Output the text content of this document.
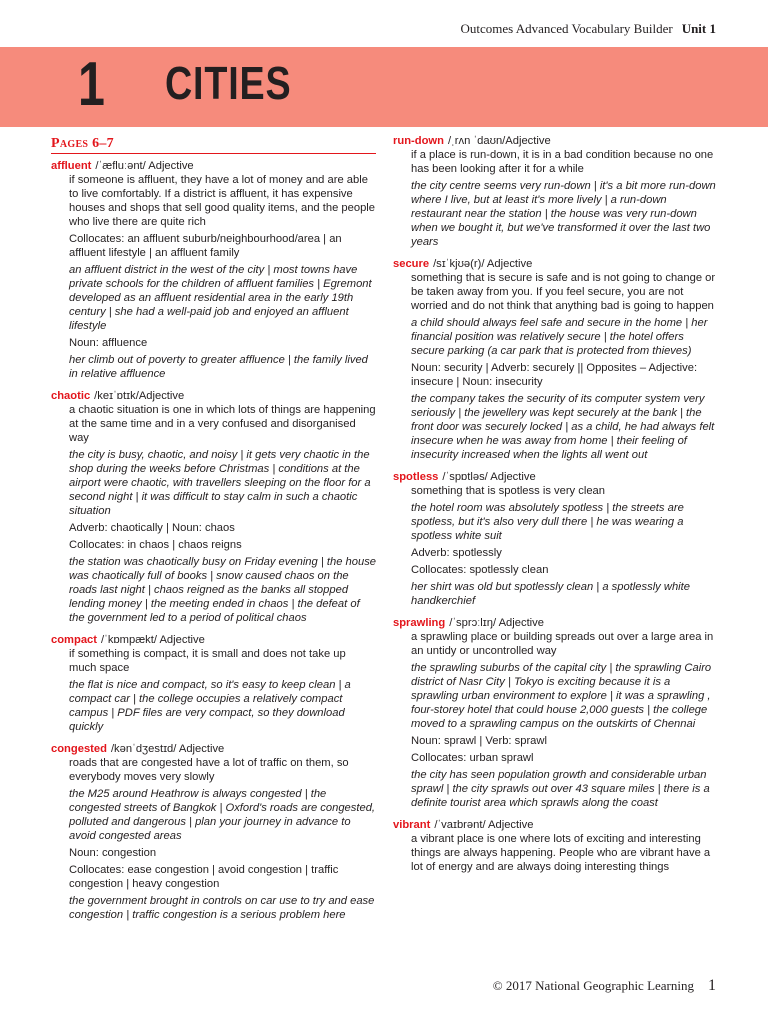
Outcomes Advanced Vocabulary Builder Unit 1
1 CITIES
Pages 6–7
affluent /ˈæfluːənt/ Adjective

if someone is affluent, they have a lot of money and are able to live comfortably. If a district is affluent, it has expensive houses and shops that sell good quality items, and the people who live there are quite rich

Collocates: an affluent suburb/neighbourhood/area | an affluent lifestyle | an affluent family

an affluent district in the west of the city | most towns have private schools for the children of affluent families | Egremont developed as an affluent residential area in the early 19th century | she had a well-paid job and enjoyed an affluent lifestyle

Noun: affluence

her climb out of poverty to greater affluence | the family lived in relative affluence

chaotic /keɪˈɒtɪk/Adjective

a chaotic situation is one in which lots of things are happening at the same time and in a very confused and disorganised way

the city is busy, chaotic, and noisy | it gets very chaotic in the shop during the weeks before Christmas | conditions at the airport were chaotic, with travellers sleeping on the floor for a second night | it was difficult to stay calm in such a chaotic situation

Adverb: chaotically | Noun: chaos

Collocates: in chaos | chaos reigns

the station was chaotically busy on Friday evening | the house was chaotically full of books | snow caused chaos on the roads last night | chaos reigned as the banks all stopped lending money | the meeting ended in chaos | the defeat of the government led to a period of political chaos

compact /ˈkɒmpækt/ Adjective

if something is compact, it is small and does not take up much space

the flat is nice and compact, so it's easy to keep clean | a compact car | the college occupies a relatively compact campus | PDF files are very compact, so they download quickly

congested /kənˈdʒestɪd/ Adjective

roads that are congested have a lot of traffic on them, so everybody moves very slowly

the M25 around Heathrow is always congested | the congested streets of Bangkok | Oxford's roads are congested, polluted and dangerous | plan your journey in advance to avoid congested areas

Noun: congestion

Collocates: ease congestion | avoid congestion | traffic congestion | heavy congestion

the government brought in controls on car use to try and ease congestion | traffic congestion is a serious problem here

run-down /ˌrʌn ˈdaʊn/Adjective

if a place is run-down, it is in a bad condition because no one has been looking after it for a while

the city centre seems very run-down | it's a bit more run-down where I live, but at least it's more lively | a run-down restaurant near the station | the house was very run-down when we bought it, but we've transformed it over the last two years

secure /sɪˈkjʊə(r)/ Adjective

something that is secure is safe and is not going to change or be taken away from you. If you feel secure, you are not worried and do not think that anything bad is going to happen

a child should always feel safe and secure in the home | her financial position was relatively secure | the hotel offers secure parking (a car park that is protected from thieves)

Noun: security | Adverb: securely || Opposites – Adjective: insecure | Noun: insecurity

the company takes the security of its computer system very seriously | the jewellery was kept securely at the bank | the front door was securely locked | as a child, he had always felt insecure when he was away from home | their feeling of insecurity increased when the lights all went out

spotless /ˈspɒtləs/ Adjective

something that is spotless is very clean

the hotel room was absolutely spotless | the streets are spotless, but it's also very dull there | he was wearing a spotless white suit

Adverb: spotlessly

Collocates: spotlessly clean

her shirt was old but spotlessly clean | a spotlessly white handkerchief

sprawling /ˈsprɔːlɪŋ/ Adjective

a sprawling place or building spreads out over a large area in an untidy or uncontrolled way

the sprawling suburbs of the capital city | the sprawling Cairo district of Nasr City | Tokyo is exciting because it is a sprawling urban environment to explore | it was a sprawling , four-storey hotel that could house 2,000 guests | the college moved to a sprawling campus on the outskirts of Chennai

Noun: sprawl | Verb: sprawl

Collocates: urban sprawl

the city has seen population growth and considerable urban sprawl | the city sprawls out over 43 square miles | there is a definite tourist area which sprawls along the coast

vibrant /ˈvaɪbrənt/ Adjective

a vibrant place is one where lots of exciting and interesting things are always happening. People who are vibrant have a lot of energy and are always doing interesting things

© 2017 National Geographic Learning 1
